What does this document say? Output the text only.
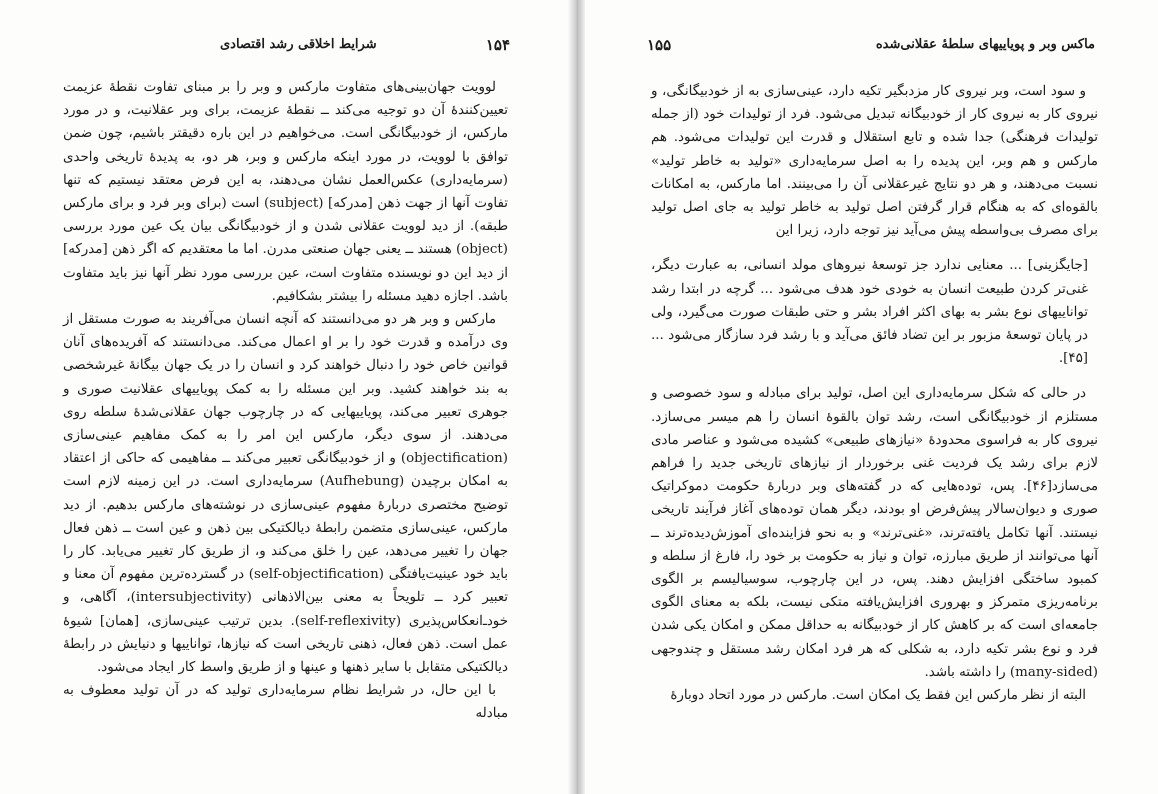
شرایط اخلاقی رشد اقتصادی	۱۵۴

لوویت جهان‌بینی‌های متفاوت مارکس و وبر را بر مبنای تفاوت نقطهٔ عزیمت تعیین‌کنندهٔ آن دو توجیه می‌کند ــ نقطهٔ عزیمت، برای وبر عقلانیت، و در مورد مارکس، از خودبیگانگی است. می‌خواهیم در این باره دقیقتر باشیم، چون ضمن توافق با لوویت، در مورد اینکه مارکس و وبر، هر دو، به پدیدهٔ تاریخی واحدی (سرمایه‌داری) عکس‌العمل نشان می‌دهند، به این فرض معتقد نیستیم که تنها تفاوت آنها از جهت ذهن [مدرکه] (subject) است (برای وبر فرد و برای مارکس طبقه). از دید لوویت عقلانی شدن و از خودبیگانگی بیان یک عین مورد بررسی (object) هستند ــ یعنی جهان صنعتی مدرن. اما ما معتقدیم که اگر ذهن [مدرکه] از دید این دو نویسنده متفاوت است، عین بررسی مورد نظر آنها نیز باید متفاوت باشد. اجازه دهید مسئله را بیشتر بشکافیم.

مارکس و وبر هر دو می‌دانستند که آنچه انسان می‌آفریند به صورت مستقل از وی درآمده و قدرت خود را بر او اعمال می‌کند. می‌دانستند که آفریده‌های آنان قوانین خاص خود را دنبال خواهند کرد و انسان را در یک جهان بیگانهٔ غیرشخصی به بند خواهند کشید. وبر این مسئله را به کمک پویاییهای عقلانیت صوری و جوهری تعبیر می‌کند، پویاییهایی که در چارچوب جهان عقلانی‌شدهٔ سلطه روی می‌دهند. از سوی دیگر، مارکس این امر را به کمک مفاهیم عینی‌سازی (objectification) و از خودبیگانگی تعبیر می‌کند ــ مفاهیمی که حاکی از اعتقاد به امکان برچیدن (Aufhebung) سرمایه‌داری است. در این زمینه لازم است توضیح مختصری دربارهٔ مفهوم عینی‌سازی در نوشته‌های مارکس بدهیم. از دید مارکس، عینی‌سازی متضمن رابطهٔ دیالکتیکی بین ذهن و عین است ــ ذهن فعال جهان را تغییر می‌دهد، عین را خلق می‌کند و، از طریق کار تغییر می‌یابد. کار را باید خود عینیت‌یافتگی (self-objectification) در گسترده‌ترین مفهوم آن معنا و تعبیر کرد ــ تلویحاً به معنی بین‌الاذهانی (intersubjectivity)، آگاهی، و خود‌ـ‌انعکاس‌پذیری (self-reflexivity). بدین ترتیب عینی‌سازی، [همان] شیوهٔ عمل است. ذهن فعال، ذهنی تاریخی است که نیازها، تواناییها و دنیایش در رابطهٔ دیالکتیکی متقابل با سایر ذهنها و عینها و از طریق واسط کار ایجاد می‌شود.

با این حال، در شرایط نظام سرمایه‌داری تولید که در آن تولید معطوف به مبادله

۱۵۵	ماکس وبر و پوياييهای سلطهٔ عقلانی‌شده

و سود است، وبر نیروی کار مزدبگیر تکیه دارد، عینی‌سازی به از خودبیگانگی، و نیروی کار به نیروی کار از خودبیگانه تبدیل می‌شود. فرد از تولیدات خود (از جمله تولیدات فرهنگی) جدا شده و تابع استقلال و قدرت این تولیدات می‌شود. هم مارکس و هم وبر، این پدیده را به اصل سرمایه‌داری «تولید به خاطر تولید» نسبت می‌دهند، و هر دو نتایج غیرعقلانی آن را می‌بینند. اما مارکس، به امکانات بالقوه‌ای که به هنگام قرار گرفتن اصل تولید به خاطر تولید به جای اصل تولید برای مصرف بی‌واسطه پیش می‌آید نیز توجه دارد، زیرا این

[جایگزینی] ... معنایی ندارد جز توسعهٔ نیروهای مولد انسانی، به عبارت دیگر، غنی‌تر کردن طبیعت انسان به خودی خود هدف می‌شود ... گرچه در ابتدا رشد تواناییهای نوع بشر به بهای اکثر افراد بشر و حتی طبقات صورت می‌گیرد، ولی در پایان توسعهٔ مزبور بر این تضاد فائق می‌آید و با رشد فرد سازگار می‌شود ... [۴۵].

در حالی که شکل سرمایه‌داری این اصل، تولید برای مبادله و سود خصوصی و مستلزم از خودبیگانگی است، رشد توان بالقوهٔ انسان را هم میسر می‌سازد. نیروی کار به فراسوی محدودهٔ «نیازهای طبیعی» کشیده می‌شود و عناصر مادی لازم برای رشد یک فردیت غنی برخوردار از نیازهای تاریخی جدید را فراهم می‌سازد[۴۶]. پس، توده‌هایی که در گفته‌های وبر دربارهٔ حکومت دموکراتیک صوری و دیوان‌سالار پیش‌فرض او بودند، دیگر همان توده‌های آغاز فرآیند تاریخی نیستند. آنها تکامل یافته‌ترند، «غنی‌ترند» و به نحو فزاینده‌ای آموزش‌دیده‌ترند ــ آنها می‌توانند از طریق مبارزه، توان و نیاز به حکومت بر خود را، فارغ از سلطه و کمبود ساختگی افزایش دهند. پس، در این چارچوب، سوسیالیسم بر الگوی برنامه‌ریزی متمرکز و بهروری افزایش‌یافته متکی نیست، بلکه به معنای الگوی جامعه‌ای است که بر کاهش کار از خودبیگانه به حداقل ممکن و امکان یکی شدن فرد و نوع بشر تکیه دارد، به شکلی که هر فرد امکان رشد مستقل و چندوجهی (many-sided) را داشته باشد.

البته از نظر مارکس این فقط یک امکان است. مارکس در مورد اتحاد دوبارهٔ
